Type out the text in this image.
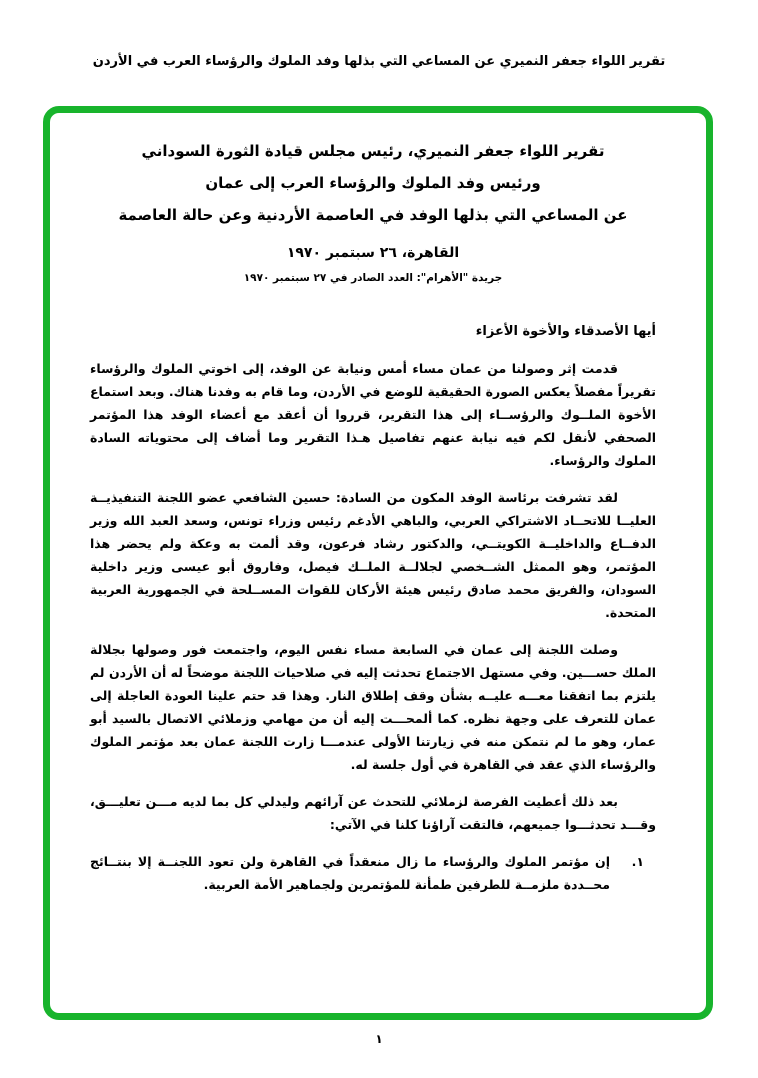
تقرير اللواء جعفر النميري عن المساعي التي بذلها وفد الملوك والرؤساء العرب في الأردن
تقرير اللواء جعفر النميري، رئيس مجلس قيادة الثورة السوداني
ورئيس وفد الملوك والرؤساء العرب إلى عمان
عن المساعي التي بذلها الوفد في العاصمة الأردنية وعن حالة العاصمة
القاهرة، ٢٦ سبتمبر ١٩٧٠
جريدة "الأهرام": العدد الصادر في ٢٧ سبتمبر ١٩٧٠
أيها الأصدقاء والأخوة الأعزاء

قدمت إثر وصولنا من عمان مساء أمس ونيابة عن الوفد، إلى اخوتي الملوك والرؤساء تقريراً مفصلاً يعكس الصورة الحقيقية للوضع في الأردن، وما قام به وفدنا هناك. وبعد استماع الأخوة الملــوك والرؤســاء إلى هذا التقرير، قرروا أن أعقد مع أعضاء الوفد هذا المؤتمر الصحفي لأنقل لكم فيه نيابة عنهم تفاصيل هـذا التقرير وما أضاف إلى محتوياته السادة الملوك والرؤساء.

لقد تشرفت برئاسة الوفد المكون من السادة: حسين الشافعي عضو اللجنة التنفيذيــة العليــا للاتحــاد الاشتراكي العربي، والباهي الأدغم رئيس وزراء تونس، وسعد العبد الله وزير الدفــاع والداخليــة الكويتــي، والدكتور رشاد فرعون، وقد ألمت به وعكة ولم يحضر هذا المؤتمر، وهو الممثل الشــخصي لجلالــة الملــك فيصل، وفاروق أبو عيسى وزير داخلية السودان، والفريق محمد صادق رئيس هيئة الأركان للقوات المســلحة في الجمهورية العربية المتحدة.

وصلت اللجنة إلى عمان في السابعة مساء نفس اليوم، واجتمعت فور وصولها بجلالة الملك حســـين. وفي مستهل الاجتماع تحدثت إليه في صلاحيات اللجنة موضحاً له أن الأردن لم يلتزم بما اتفقنا معـــه عليــه بشأن وقف إطلاق النار. وهذا قد حتم علينا العودة العاجلة إلى عمان للتعرف على وجهة نظره. كما ألمحـــت إليه أن من مهامي وزملائي الاتصال بالسيد أبو عمار، وهو ما لم نتمكن منه في زيارتنا الأولى عندمـــا زارت اللجنة عمان بعد مؤتمر الملوك والرؤساء الذي عقد في القاهرة في أول جلسة له.

بعد ذلك أعطيت الفرصة لزملائي للتحدث عن آرائهم وليدلي كل بما لديه مـــن تعليـــق، وقـــد تحدثـــوا جميعهم، فالتقت آراؤنا كلنا في الآتي:

١.
إن مؤتمر الملوك والرؤساء ما زال منعقداً في القاهرة ولن تعود اللجنــة إلا بنتــائج محــددة ملزمــة للطرفين طمأنة للمؤتمرين ولجماهير الأمة العربية.
١
